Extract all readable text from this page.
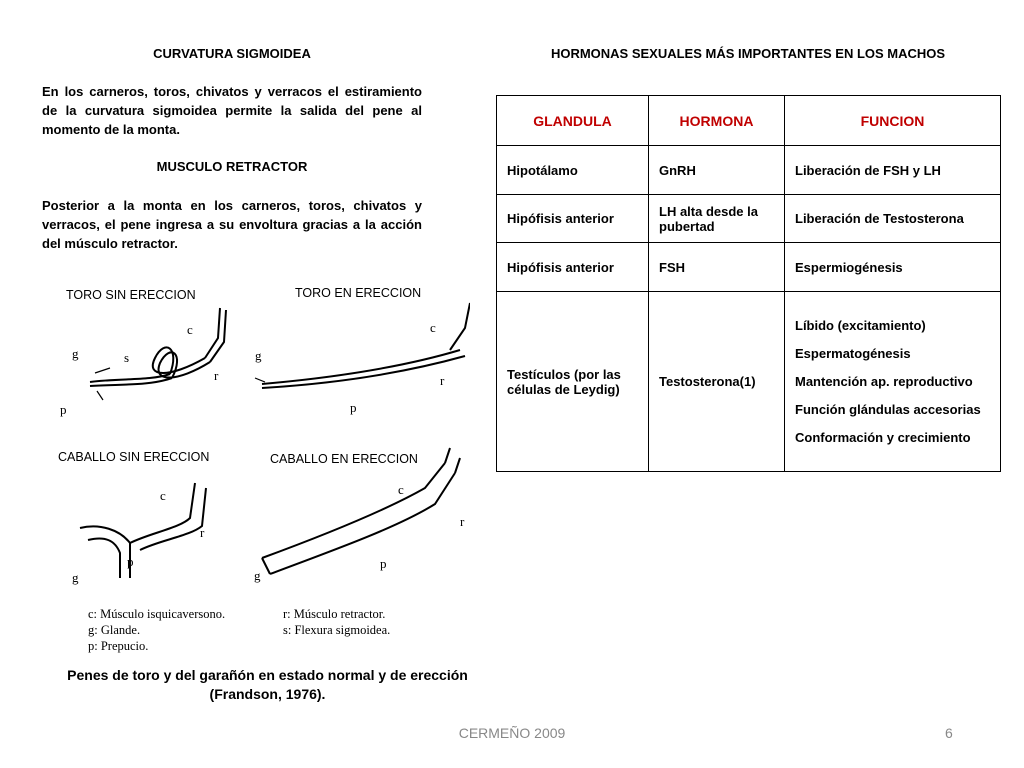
CURVATURA SIGMOIDEA
En los carneros, toros, chivatos y verracos el estiramiento de la curvatura sigmoidea permite la salida del pene al momento de la monta.
MUSCULO RETRACTOR
Posterior a la monta en los carneros, toros, chivatos y verracos, el pene ingresa a su envoltura gracias a la acción del músculo retractor.
TORO SIN ERECCION	TORO EN ERECCION
CABALLO SIN ERECCION	CABALLO EN ERECCION
c
g	s
r
p
c
g
r
p
c
r
p
g
c
r
p
g
c: Músculo isquicaversono.
g: Glande.
p: Prepucio.
r: Músculo retractor.
s: Flexura sigmoidea.
Penes de toro y del garañón en estado normal y de erección
(Frandson, 1976).
HORMONAS SEXUALES MÁS IMPORTANTES EN LOS MACHOS
GLANDULA	HORMONA	FUNCION
Hipotálamo	GnRH	Liberación de FSH y LH
Hipófisis anterior	LH alta desde la pubertad	Liberación de Testosterona
Hipófisis anterior	FSH	Espermiogénesis
Testículos (por las células de Leydig)	Testosterona(1)	Líbido (excitamiento)
Espermatogénesis
Mantención ap. reproductivo
Función glándulas accesorias
Conformación y crecimiento
CERMEÑO 2009	6
